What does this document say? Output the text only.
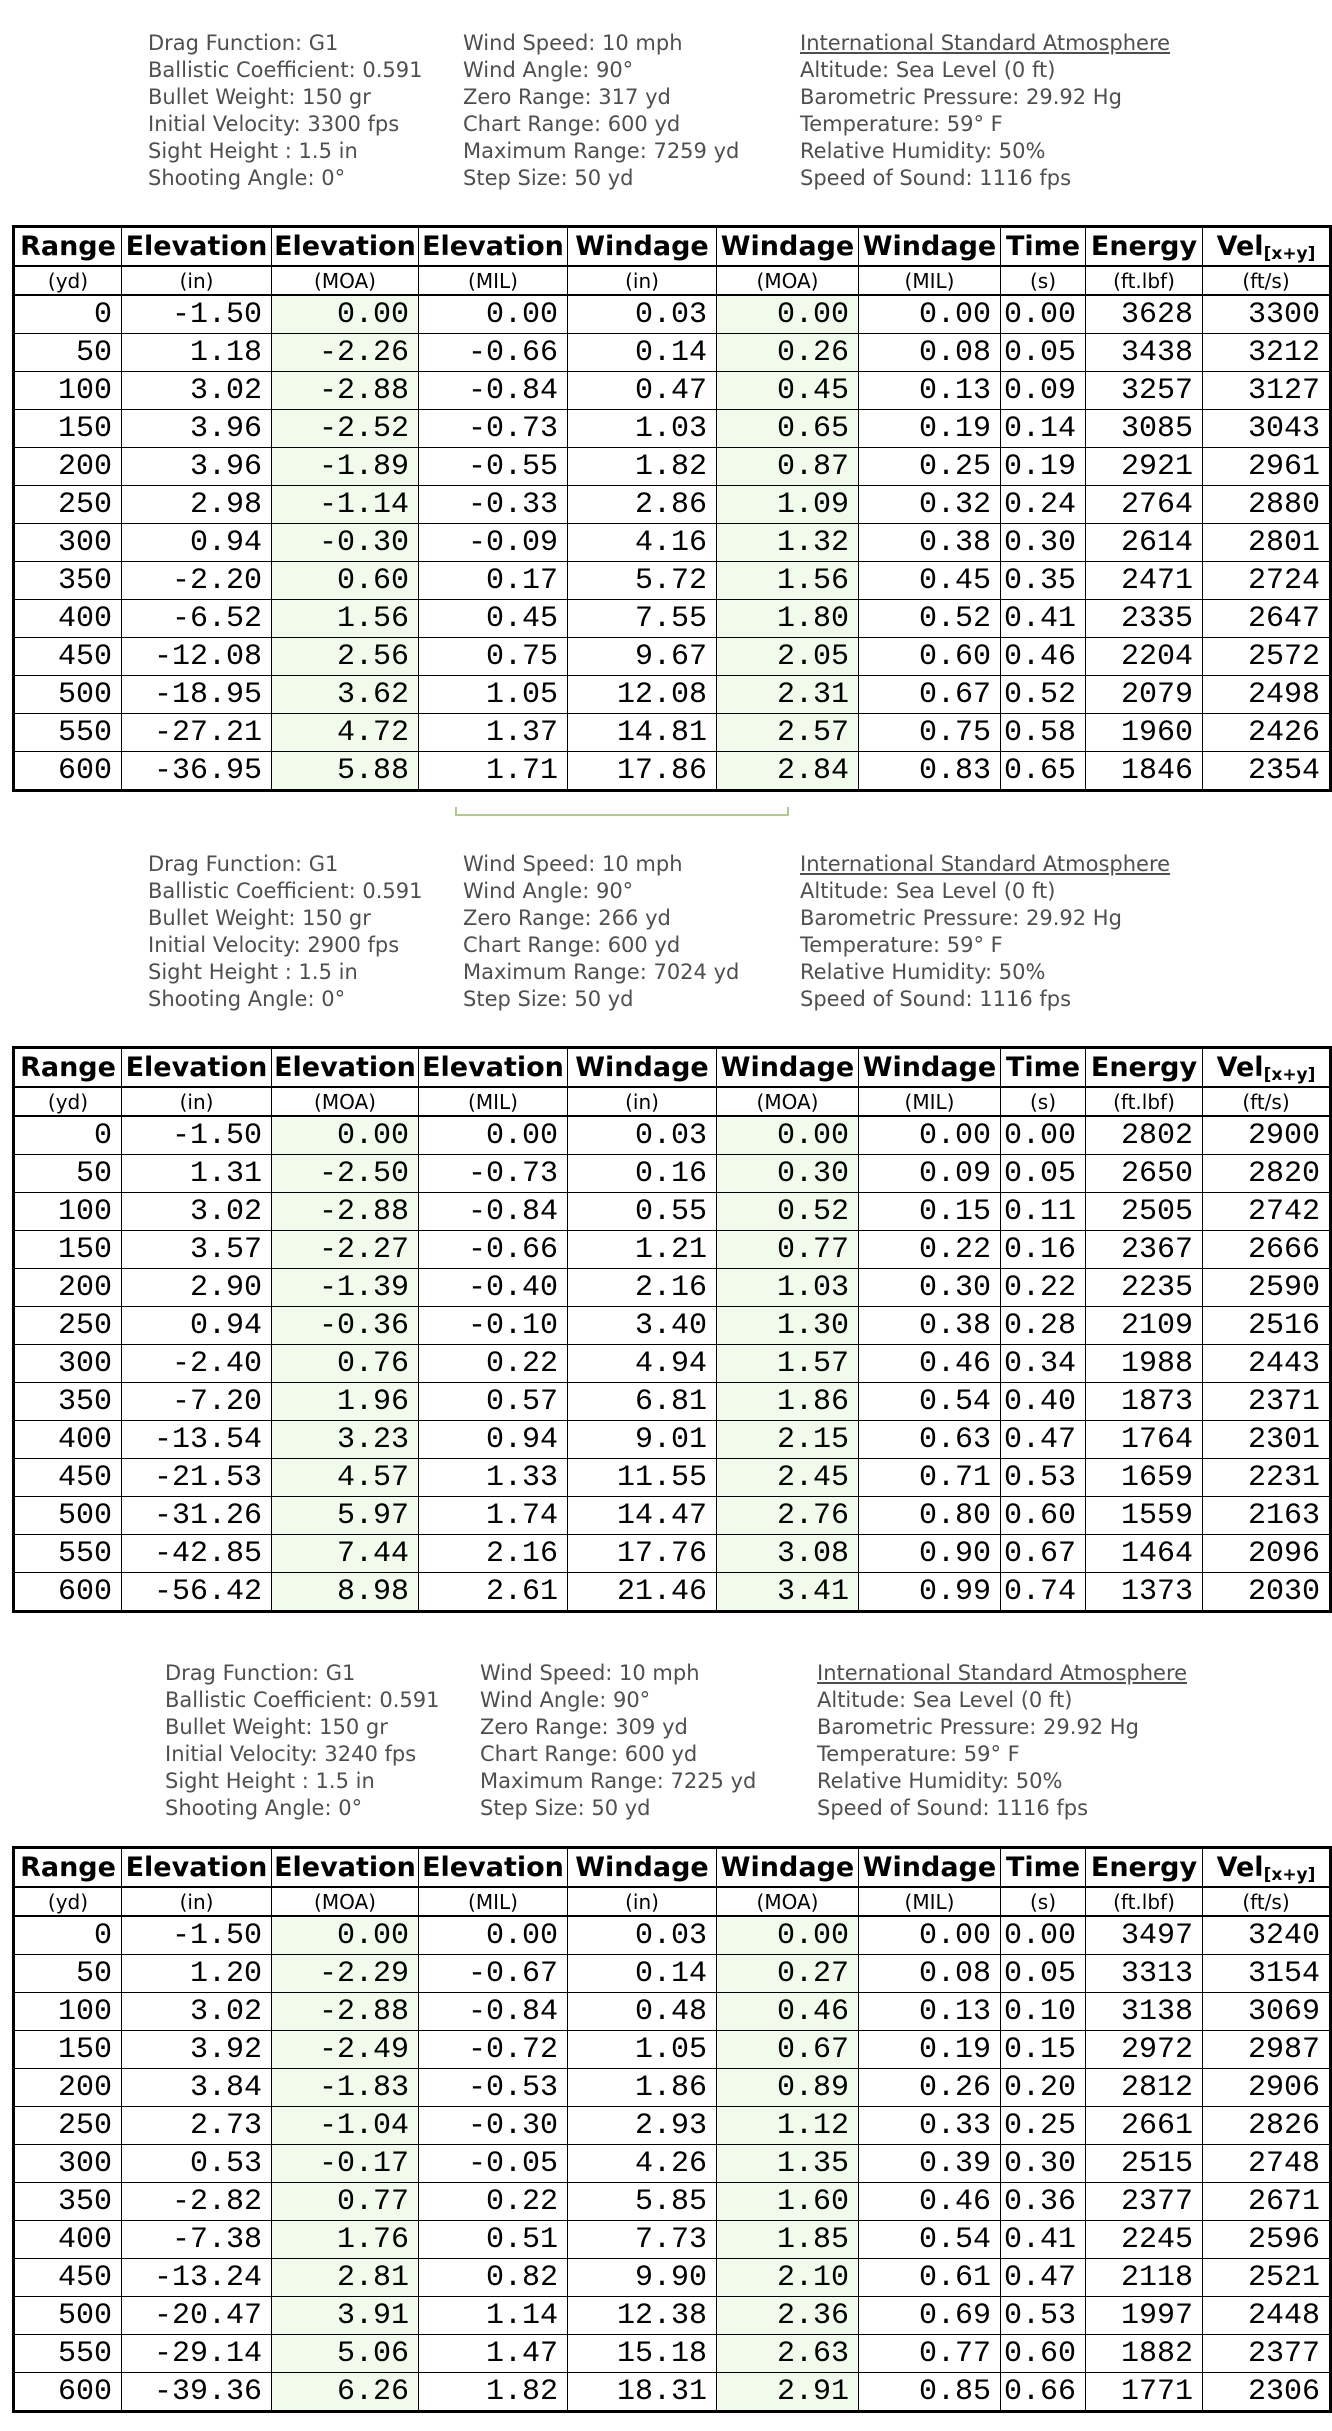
Drag Function: G1
Ballistic Coefficient: 0.591
Bullet Weight: 150 gr
Initial Velocity: 3300 fps
Sight Height : 1.5 in
Shooting Angle: 0°
Wind Speed: 10 mph
Wind Angle: 90°
Zero Range: 317 yd
Chart Range: 600 yd
Maximum Range: 7259 yd
Step Size: 50 yd
International Standard Atmosphere
Altitude: Sea Level (0 ft)
Barometric Pressure: 29.92 Hg
Temperature: 59° F
Relative Humidity: 50%
Speed of Sound: 1116 fps
Range	Elevation	Elevation	Elevation	Windage	Windage	Windage	Time	Energy	Vel$_{[x+y]}$
(yd)	(in)	(MOA)	(MIL)	(in)	(MOA)	(MIL)	(s)	(ft.lbf)	(ft/s)
0	-1.50	0.00	0.00	0.03	0.00	0.00	0.00	3628	3300
50	1.18	-2.26	-0.66	0.14	0.26	0.08	0.05	3438	3212
100	3.02	-2.88	-0.84	0.47	0.45	0.13	0.09	3257	3127
150	3.96	-2.52	-0.73	1.03	0.65	0.19	0.14	3085	3043
200	3.96	-1.89	-0.55	1.82	0.87	0.25	0.19	2921	2961
250	2.98	-1.14	-0.33	2.86	1.09	0.32	0.24	2764	2880
300	0.94	-0.30	-0.09	4.16	1.32	0.38	0.30	2614	2801
350	-2.20	0.60	0.17	5.72	1.56	0.45	0.35	2471	2724
400	-6.52	1.56	0.45	7.55	1.80	0.52	0.41	2335	2647
450	-12.08	2.56	0.75	9.67	2.05	0.60	0.46	2204	2572
500	-18.95	3.62	1.05	12.08	2.31	0.67	0.52	2079	2498
550	-27.21	4.72	1.37	14.81	2.57	0.75	0.58	1960	2426
600	-36.95	5.88	1.71	17.86	2.84	0.83	0.65	1846	2354
Drag Function: G1
Ballistic Coefficient: 0.591
Bullet Weight: 150 gr
Initial Velocity: 2900 fps
Sight Height : 1.5 in
Shooting Angle: 0°
Wind Speed: 10 mph
Wind Angle: 90°
Zero Range: 266 yd
Chart Range: 600 yd
Maximum Range: 7024 yd
Step Size: 50 yd
International Standard Atmosphere
Altitude: Sea Level (0 ft)
Barometric Pressure: 29.92 Hg
Temperature: 59° F
Relative Humidity: 50%
Speed of Sound: 1116 fps
Range	Elevation	Elevation	Elevation	Windage	Windage	Windage	Time	Energy	Vel$_{[x+y]}$
(yd)	(in)	(MOA)	(MIL)	(in)	(MOA)	(MIL)	(s)	(ft.lbf)	(ft/s)
0	-1.50	0.00	0.00	0.03	0.00	0.00	0.00	2802	2900
50	1.31	-2.50	-0.73	0.16	0.30	0.09	0.05	2650	2820
100	3.02	-2.88	-0.84	0.55	0.52	0.15	0.11	2505	2742
150	3.57	-2.27	-0.66	1.21	0.77	0.22	0.16	2367	2666
200	2.90	-1.39	-0.40	2.16	1.03	0.30	0.22	2235	2590
250	0.94	-0.36	-0.10	3.40	1.30	0.38	0.28	2109	2516
300	-2.40	0.76	0.22	4.94	1.57	0.46	0.34	1988	2443
350	-7.20	1.96	0.57	6.81	1.86	0.54	0.40	1873	2371
400	-13.54	3.23	0.94	9.01	2.15	0.63	0.47	1764	2301
450	-21.53	4.57	1.33	11.55	2.45	0.71	0.53	1659	2231
500	-31.26	5.97	1.74	14.47	2.76	0.80	0.60	1559	2163
550	-42.85	7.44	2.16	17.76	3.08	0.90	0.67	1464	2096
600	-56.42	8.98	2.61	21.46	3.41	0.99	0.74	1373	2030
Drag Function: G1
Ballistic Coefficient: 0.591
Bullet Weight: 150 gr
Initial Velocity: 3240 fps
Sight Height : 1.5 in
Shooting Angle: 0°
Wind Speed: 10 mph
Wind Angle: 90°
Zero Range: 309 yd
Chart Range: 600 yd
Maximum Range: 7225 yd
Step Size: 50 yd
International Standard Atmosphere
Altitude: Sea Level (0 ft)
Barometric Pressure: 29.92 Hg
Temperature: 59° F
Relative Humidity: 50%
Speed of Sound: 1116 fps
Range	Elevation	Elevation	Elevation	Windage	Windage	Windage	Time	Energy	Vel$_{[x+y]}$
(yd)	(in)	(MOA)	(MIL)	(in)	(MOA)	(MIL)	(s)	(ft.lbf)	(ft/s)
0	-1.50	0.00	0.00	0.03	0.00	0.00	0.00	3497	3240
50	1.20	-2.29	-0.67	0.14	0.27	0.08	0.05	3313	3154
100	3.02	-2.88	-0.84	0.48	0.46	0.13	0.10	3138	3069
150	3.92	-2.49	-0.72	1.05	0.67	0.19	0.15	2972	2987
200	3.84	-1.83	-0.53	1.86	0.89	0.26	0.20	2812	2906
250	2.73	-1.04	-0.30	2.93	1.12	0.33	0.25	2661	2826
300	0.53	-0.17	-0.05	4.26	1.35	0.39	0.30	2515	2748
350	-2.82	0.77	0.22	5.85	1.60	0.46	0.36	2377	2671
400	-7.38	1.76	0.51	7.73	1.85	0.54	0.41	2245	2596
450	-13.24	2.81	0.82	9.90	2.10	0.61	0.47	2118	2521
500	-20.47	3.91	1.14	12.38	2.36	0.69	0.53	1997	2448
550	-29.14	5.06	1.47	15.18	2.63	0.77	0.60	1882	2377
600	-39.36	6.26	1.82	18.31	2.91	0.85	0.66	1771	2306
